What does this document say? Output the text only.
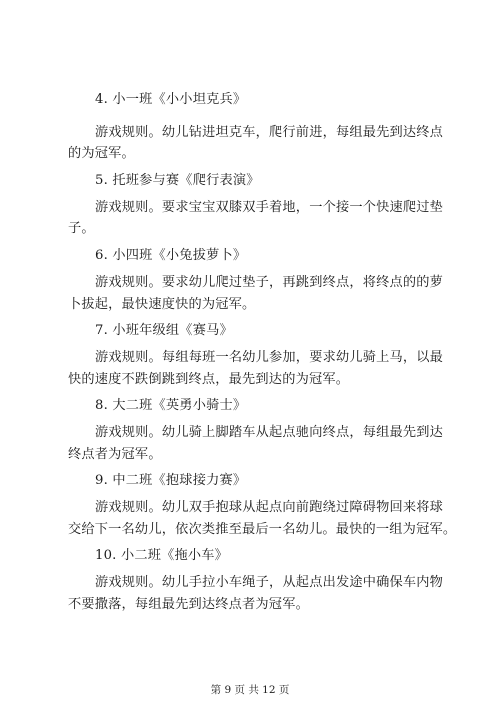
4. 小一班《小小坦克兵》
游戏规则。幼儿钻进坦克车，爬行前进，每组最先到达终点
的为冠军。
5. 托班参与赛《爬行表演》
游戏规则。要求宝宝双膝双手着地，一个接一个快速爬过垫
子。
6. 小四班《小兔拔萝卜》
游戏规则。要求幼儿爬过垫子，再跳到终点，将终点的的萝
卜拔起，最快速度快的为冠军。
7. 小班年级组《赛马》
游戏规则。每组每班一名幼儿参加，要求幼儿骑上马，以最
快的速度不跌倒跳到终点，最先到达的为冠军。
8. 大二班《英勇小骑士》
游戏规则。幼儿骑上脚踏车从起点驰向终点，每组最先到达
终点者为冠军。
9. 中二班《抱球接力赛》
游戏规则。幼儿双手抱球从起点向前跑绕过障碍物回来将球
交给下一名幼儿，依次类推至最后一名幼儿。最快的一组为冠军。
10. 小二班《拖小车》
游戏规则。幼儿手拉小车绳子，从起点出发途中确保车内物
不要撒落，每组最先到达终点者为冠军。
第 9 页 共 12 页
